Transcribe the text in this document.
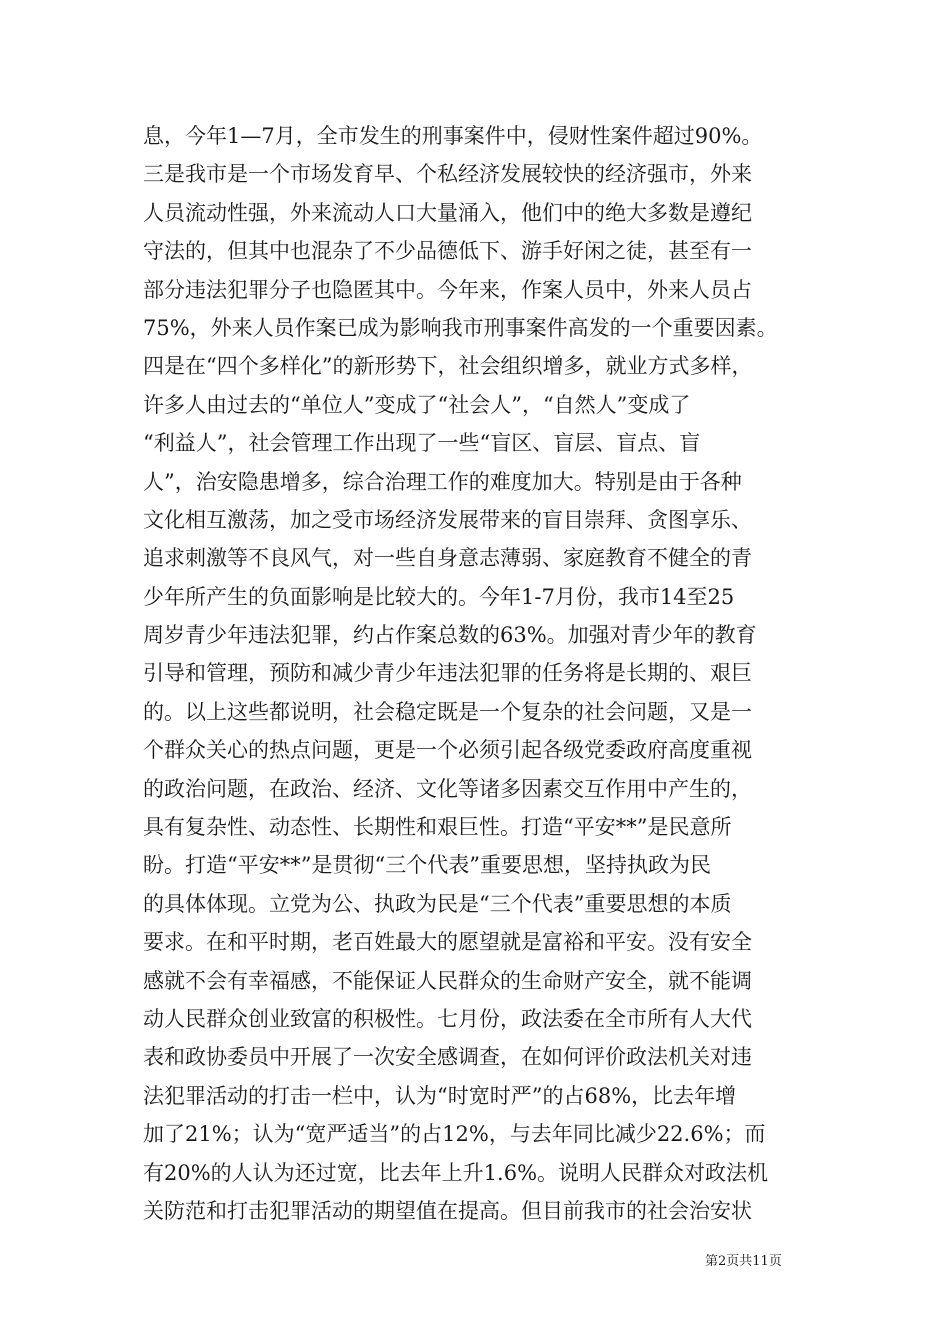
息，今年1—7月，全市发生的刑事案件中，侵财性案件超过90%。
三是我市是一个市场发育早、个私经济发展较快的经济强市，外来
人员流动性强，外来流动人口大量涌入，他们中的绝大多数是遵纪
守法的，但其中也混杂了不少品德低下、游手好闲之徒，甚至有一
部分违法犯罪分子也隐匿其中。今年来，作案人员中，外来人员占
75%，外来人员作案已成为影响我市刑事案件高发的一个重要因素。
四是在“四个多样化”的新形势下，社会组织增多，就业方式多样，
许多人由过去的“单位人”变成了“社会人”，“自然人”变成了
“利益人”，社会管理工作出现了一些“盲区、盲层、盲点、盲
人”，治安隐患增多，综合治理工作的难度加大。特别是由于各种
文化相互激荡，加之受市场经济发展带来的盲目崇拜、贪图享乐、
追求刺激等不良风气，对一些自身意志薄弱、家庭教育不健全的青
少年所产生的负面影响是比较大的。今年1-7月份，我市14至25
周岁青少年违法犯罪，约占作案总数的63%。加强对青少年的教育
引导和管理，预防和减少青少年违法犯罪的任务将是长期的、艰巨
的。以上这些都说明，社会稳定既是一个复杂的社会问题，又是一
个群众关心的热点问题，更是一个必须引起各级党委政府高度重视
的政治问题，在政治、经济、文化等诸多因素交互作用中产生的，
具有复杂性、动态性、长期性和艰巨性。打造“平安**”是民意所
盼。打造“平安**”是贯彻“三个代表”重要思想，坚持执政为民
的具体体现。立党为公、执政为民是“三个代表”重要思想的本质
要求。在和平时期，老百姓最大的愿望就是富裕和平安。没有安全
感就不会有幸福感，不能保证人民群众的生命财产安全，就不能调
动人民群众创业致富的积极性。七月份，政法委在全市所有人大代
表和政协委员中开展了一次安全感调查，在如何评价政法机关对违
法犯罪活动的打击一栏中，认为“时宽时严”的占68%，比去年增
加了21%；认为“宽严适当”的占12%，与去年同比减少22.6%；而
有20%的人认为还过宽，比去年上升1.6%。说明人民群众对政法机
关防范和打击犯罪活动的期望值在提高。但目前我市的社会治安状
第2页共11页
